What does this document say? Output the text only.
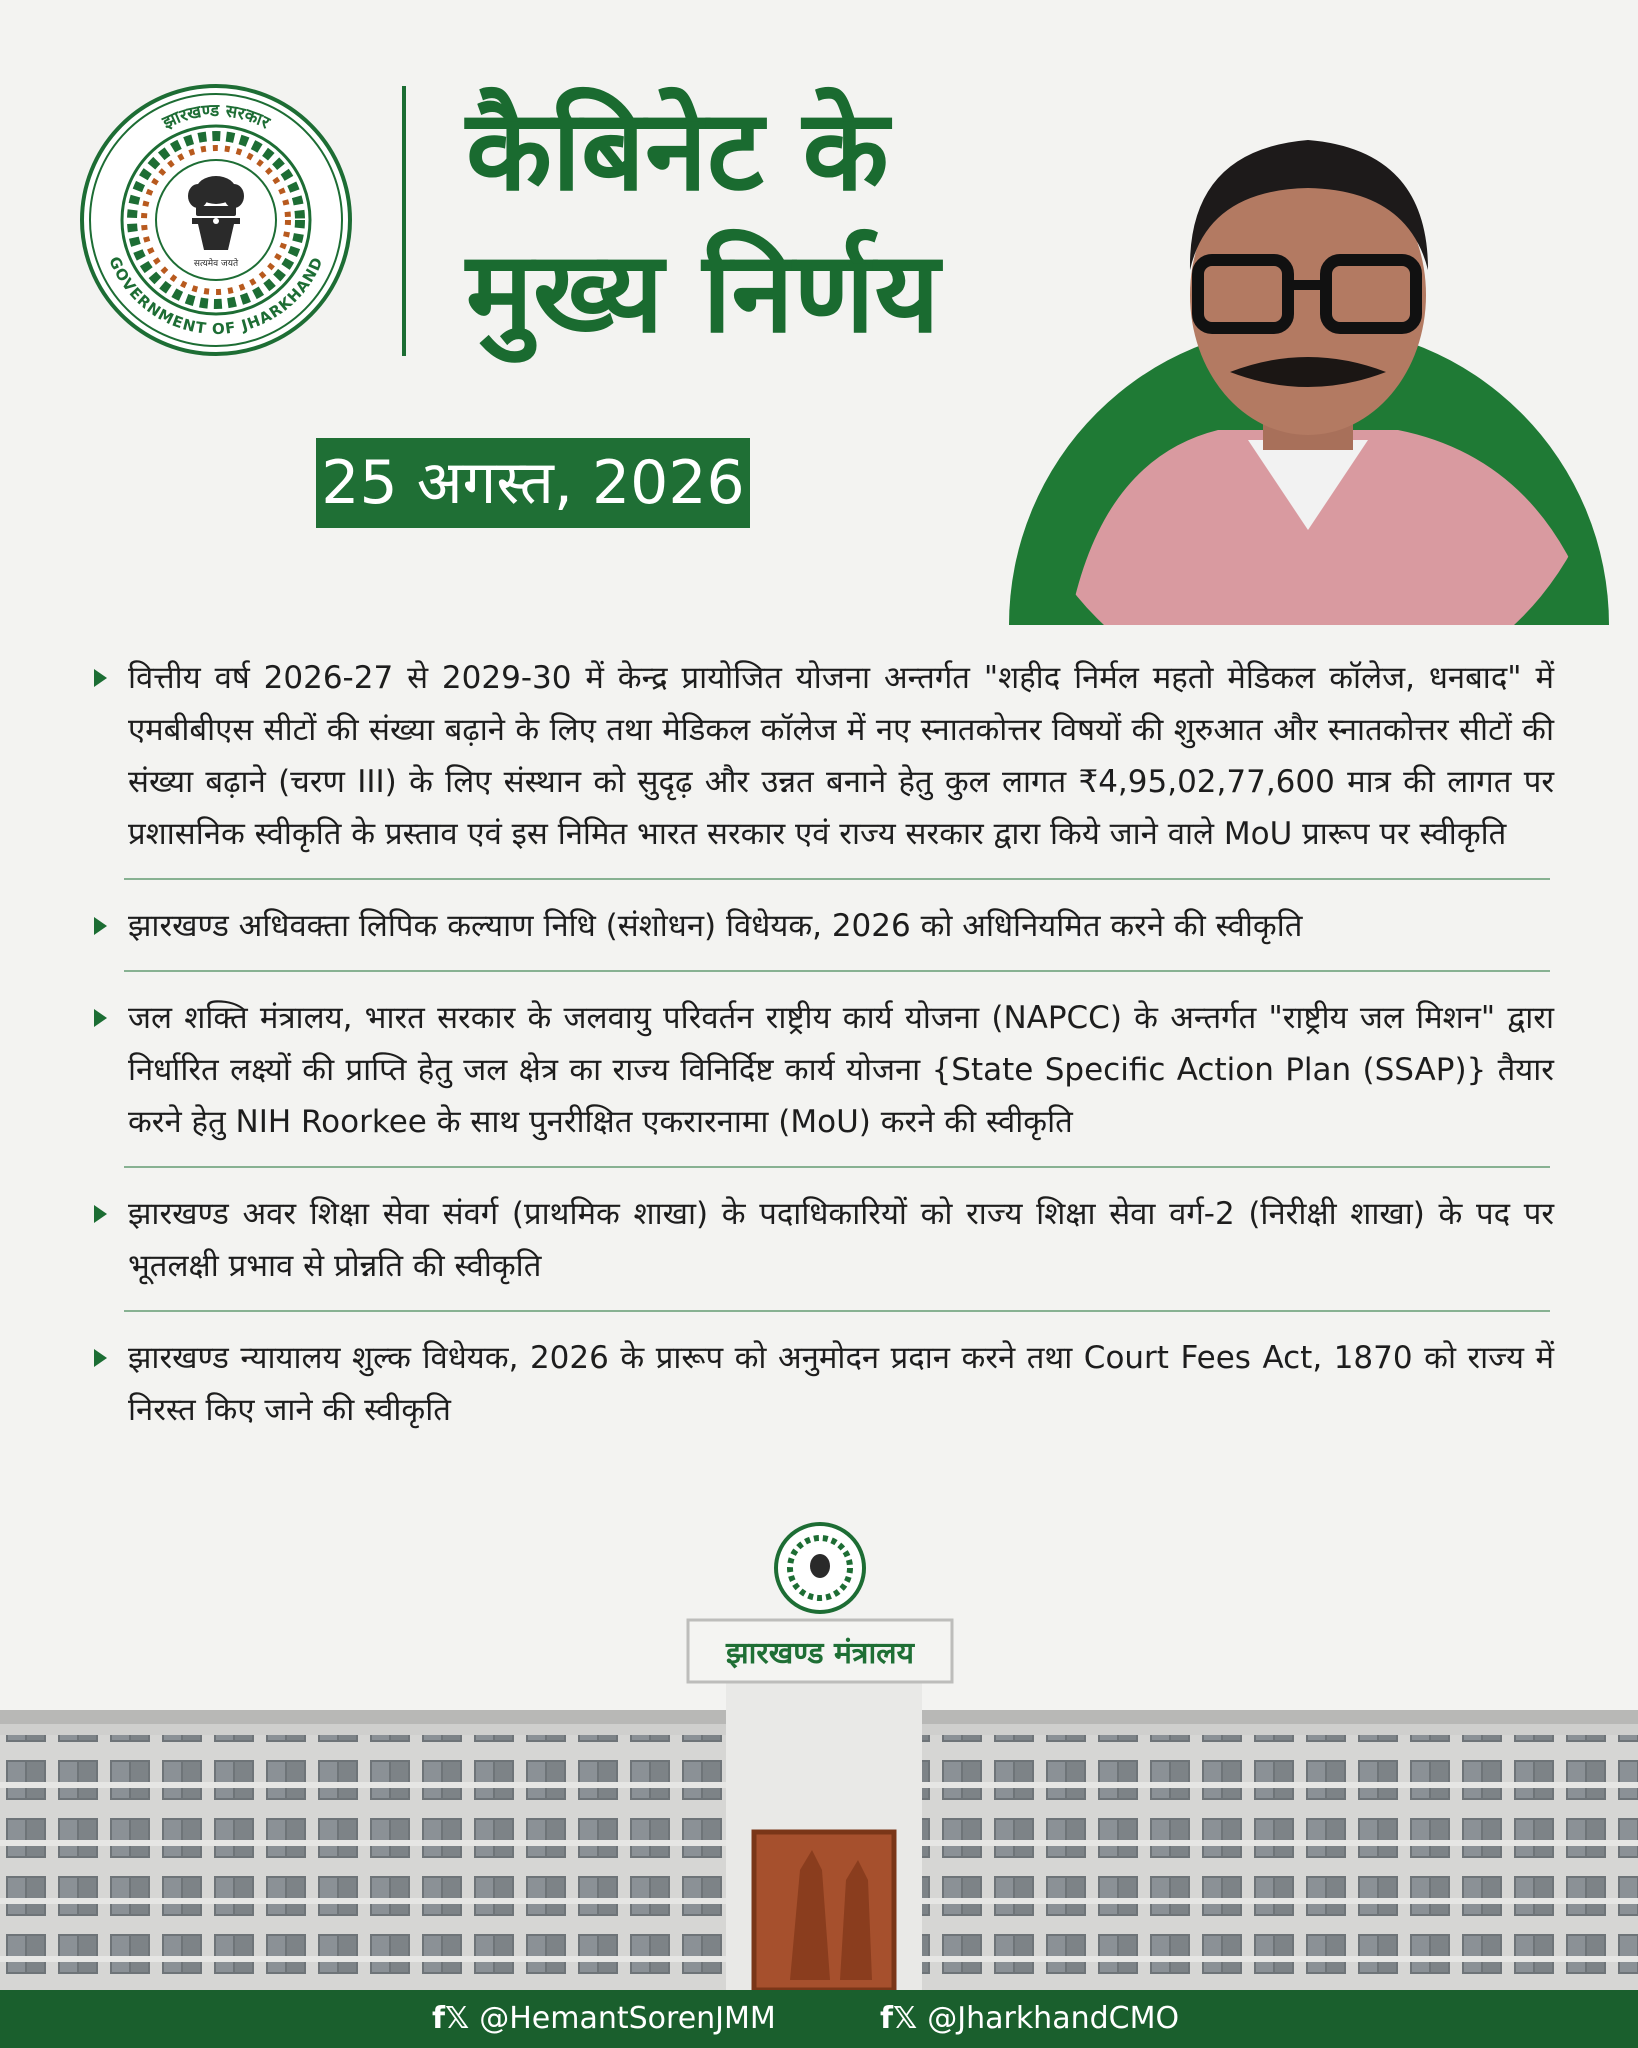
झारखण्ड सरकार
GOVERNMENT OF JHARKHAND
सत्यमेव जयते
कैबिनेट के
मुख्य निर्णय
25 अगस्त, 2026
वित्तीय वर्ष 2026-27 से 2029-30 में केन्द्र प्रायोजित योजना अन्तर्गत "शहीद निर्मल महतो मेडिकल कॉलेज, धनबाद" में एमबीबीएस सीटों की संख्या बढ़ाने के लिए तथा मेडिकल कॉलेज में नए स्नातकोत्तर विषयों की शुरुआत और स्नातकोत्तर सीटों की संख्या बढ़ाने (चरण III) के लिए संस्थान को सुदृढ़ और उन्नत बनाने हेतु कुल लागत ₹4,95,02,77,600 मात्र की लागत पर प्रशासनिक स्वीकृति के प्रस्ताव एवं इस निमित भारत सरकार एवं राज्य सरकार द्वारा किये जाने वाले MoU प्रारूप पर स्वीकृति
झारखण्ड अधिवक्ता लिपिक कल्याण निधि (संशोधन) विधेयक, 2026 को अधिनियमित करने की स्वीकृति
जल शक्ति मंत्रालय, भारत सरकार के जलवायु परिवर्तन राष्ट्रीय कार्य योजना (NAPCC) के अन्तर्गत "राष्ट्रीय जल मिशन" द्वारा निर्धारित लक्ष्यों की प्राप्ति हेतु जल क्षेत्र का राज्य विनिर्दिष्ट कार्य योजना {State Specific Action Plan (SSAP)} तैयार करने हेतु NIH Roorkee के साथ पुनरीक्षित एकरारनामा (MoU) करने की स्वीकृति
झारखण्ड अवर शिक्षा सेवा संवर्ग (प्राथमिक शाखा) के पदाधिकारियों को राज्य शिक्षा सेवा वर्ग-2 (निरीक्षी शाखा) के पद पर भूतलक्षी प्रभाव से प्रोन्नति की स्वीकृति
झारखण्ड न्यायालय शुल्क विधेयक, 2026 के प्रारूप को अनुमोदन प्रदान करने तथा Court Fees Act, 1870 को राज्य में निरस्त किए जाने की स्वीकृति
झारखण्ड मंत्रालय
f𝕏 @HemantSorenJMM	f𝕏 @JharkhandCMO
